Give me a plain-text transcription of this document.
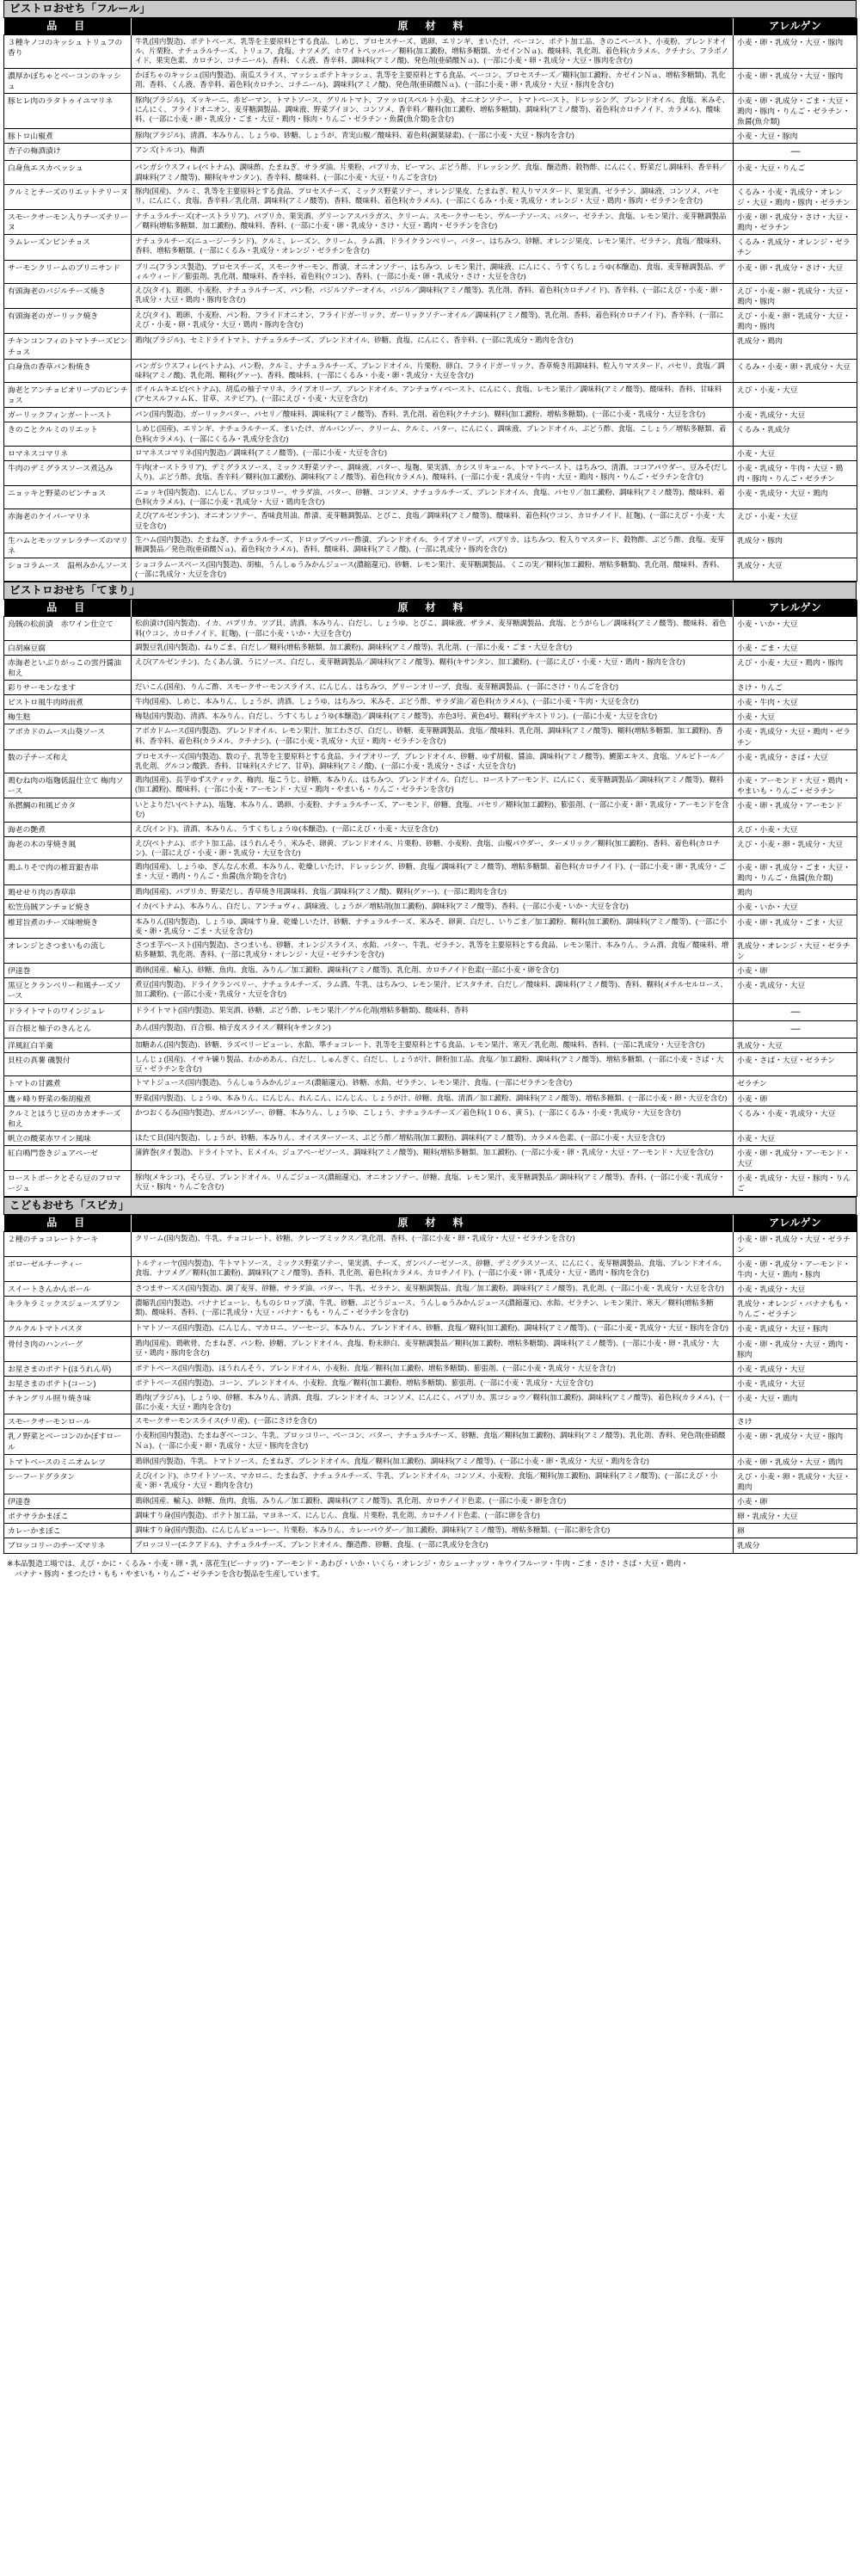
ビストロおせち「フルール」
品　目	原　材　料	アレルゲン
３種キノコのキッシュ トリュフの香り	牛乳(国内製造)、ポテトベース、乳等を主要原料とする食品、しめじ、プロセスチーズ、鶏卵、エリンギ、まいたけ、ベーコン、ポテト加工品、きのこペースト、小麦粉、ブレンドオイル、片栗粉、ナチュラルチーズ、トリュフ、食塩、ナツメグ、ホワイトペッパー／糊料(加工澱粉、増粘多糖類、カゼインＮａ)、酸味料、乳化剤、着色料(カラメル、クチナシ、フラボノイド、果実色素、カロチン、コチニール)、香料、くん液、香辛料、調味料(アミノ酸)、発色剤(亜硝酸Ｎａ)、(一部に小麦・卵・乳成分・大豆・豚肉を含む)	小麦・卵・乳成分・大豆・豚肉
濃厚かぼちゃとベーコンのキッシュ	かぼちゃのキッシュ(国内製造)、南瓜スライス、マッシュポテトキッシュ、乳等を主要原料とする食品、ベーコン、プロセスチーズ／糊料(加工澱粉、カゼインＮａ、増粘多糖類)、乳化剤、香料、くん液、香辛料、着色料(カロチン、コチニール)、調味料(アミノ酸)、発色剤(亜硝酸Ｎａ)、(一部に小麦・卵・乳成分・大豆・豚肉を含む)	小麦・卵・乳成分・大豆・豚肉
豚ヒレ肉のラタトゥイユマリネ	豚肉(ブラジル)、ズッキーニ、赤ピーマン、トマトソース、グリルトマト、ファッロ(スペルト小麦)、オニオンソテー、トマトペースト、ドレッシング、ブレンドオイル、食塩、米みそ、にんにく、フライドオニオン、麦芽糖調製品、調味液、野菜ブイヨン、コンソメ、香辛料／糊料(加工澱粉、増粘多糖類)、調味料(アミノ酸等)、着色料(カロチノイド、カラメル)、酸味料、(一部に小麦・卵・乳成分・ごま・大豆・鶏肉・豚肉・りんご・ゼラチン・魚醤(魚介類)を含む)	小麦・卵・乳成分・ごま・大豆・鶏肉・豚肉・りんご・ゼラチン・魚醤(魚介類)
豚トロ山椒煮	豚肉(ブラジル)、清酒、本みりん、しょうゆ、砂糖、しょうが、青実山椒／酸味料、着色料(銅葉緑素)、(一部に小麦・大豆・豚肉を含む)	小麦・大豆・豚肉
杏子の梅酒漬け	アンズ(トルコ)、梅酒	―
白身魚エスカベッシュ	パンガシウスフィレ(ベトナム)、調味酢、たまねぎ、サラダ油、片栗粉、パプリカ、ピーマン、ぶどう酢、ドレッシング、食塩、醸造酢、穀物酢、にんにく、野菜だし調味料、香辛料／調味料(アミノ酸等)、糊料(キサンタン)、香辛料、酸味料、(一部に小麦・大豆・りんごを含む)	小麦・大豆・りんご
クルミとチーズのリエットテリーヌ	豚肉(国産)、クルミ、乳等を主要原料とする食品、プロセスチーズ、ミックス野菜ソテー、オレンジ果皮、たまねぎ、粒入りマスタード、果実酒、ゼラチン、調味液、コンソメ、パセリ、にんにく、食塩、香辛料／乳化剤、調味料(アミノ酸等)、香料、酸味料、着色料(カラメル)、(一部にくるみ・小麦・乳成分・オレンジ・大豆・鶏肉・豚肉・ゼラチンを含む)	くるみ・小麦・乳成分・オレンジ・大豆・鶏肉・豚肉・ゼラチン
スモークサーモン入りチーズテリーヌ	ナチュラルチーズ(オーストラリア)、パプリカ、果実酒、グリーンアスパラガス、クリーム、スモークサーモン、ヴルーテソース、バター、ゼラチン、食塩、レモン果汁、麦芽糖調製品／糊料(増粘多糖類、加工澱粉)、酸味料、香料、(一部に小麦・卵・乳成分・さけ・大豆・鶏肉・ゼラチンを含む)	小麦・卵・乳成分・さけ・大豆・鶏肉・ゼラチン
ラムレーズンピンチョス	ナチュラルチーズ(ニュージーランド)、クルミ、レーズン、クリーム、ラム酒、ドライクランベリー、バター、はちみつ、砂糖、オレンジ果皮、レモン果汁、ゼラチン、食塩／酸味料、香料、増粘多糖類、(一部にくるみ・乳成分・オレンジ・ゼラチンを含む)	くるみ・乳成分・オレンジ・ゼラチン
サーモンクリームのブリニサンド	ブリニ(フランス製造)、プロセスチーズ、スモークサーモン、酢漬、オニオンソテー、はちみつ、レモン果汁、調味液、にんにく、うすくちしょうゆ(本醸造)、食塩、麦芽糖調製品、ディルウィード／膨張剤、乳化剤、酸味料、香辛料、着色料(ウコン)、香料、(一部に小麦・卵・乳成分・さけ・大豆を含む)	小麦・卵・乳成分・さけ・大豆
有頭海老のバジルチーズ焼き	えび(タイ)、鶏卵、小麦粉、ナチュラルチーズ、パン粉、バジルソテーオイル、バジル／調味料(アミノ酸等)、乳化剤、香料、着色料(カロチノイド)、香辛料、(一部にえび・小麦・卵・乳成分・大豆・鶏肉・豚肉を含む)	えび・小麦・卵・乳成分・大豆・鶏肉・豚肉
有頭海老のガーリック焼き	えび(タイ)、鶏卵、小麦粉、パン粉、フライドオニオン、フライドガーリック、ガーリックソテーオイル／調味料(アミノ酸等)、乳化剤、香料、着色料(カロチノイド)、香辛料、(一部にえび・小麦・卵・乳成分・大豆・鶏肉・豚肉を含む)	えび・小麦・卵・乳成分・大豆・鶏肉・豚肉
チキンコンフィのトマトチーズピンチョス	鶏肉(ブラジル)、セミドライトマト、ナチュラルチーズ、ブレンドオイル、砂糖、食塩、にんにく、香辛料、(一部に乳成分・鶏肉を含む)	乳成分・鶏肉
白身魚の香草パン粉焼き	パンガシウスフィレ(ベトナム)、パン粉、クルミ、ナチュラルチーズ、ブレンドオイル、片栗粉、卵白、フライドガーリック、香草焼き用調味料、粒入りマスタード、パセリ、食塩／調味料(アミノ酸)、乳化剤、糊料(グァー)、香料、酸味料、(一部にくるみ・小麦・卵・乳成分・大豆を含む)	くるみ・小麦・卵・乳成分・大豆
海老とアンチョビオリーブのピンチョス	ボイルムキエビ(ベトナム)、胡瓜の柚子マリネ、ライプオリーブ、ブレンドオイル、アンチョヴィペースト、にんにく、食塩、レモン果汁／調味料(アミノ酸等)、酸味料、香料、甘味料(アセスルファムＫ、甘草、ステビア)、(一部にえび・小麦・大豆を含む)	えび・小麦・大豆
ガーリックフィンガートースト	パン(国内製造)、ガーリックバター、パセリ／酸味料、調味料(アミノ酸等)、香料、乳化剤、着色料(クチナシ)、糊料(加工澱粉、増粘多糖類)、(一部に小麦・乳成分・大豆を含む)	小麦・乳成分・大豆
きのことクルミのリエット	しめじ(国産)、エリンギ、ナチュラルチーズ、まいたけ、ガルバンゾー、クリーム、クルミ、バター、にんにく、調味液、ブレンドオイル、ぶどう酢、食塩、こしょう／増粘多糖類、着色料(カラメル)、(一部にくるみ・乳成分を含む)	くるみ・乳成分
ロマネスコマリネ	ロマネスコマリネ(国内製造)／調味料(アミノ酸等)、(一部に小麦・大豆を含む)	小麦・大豆
牛肉のデミグラスソース煮込み	牛肉(オーストラリア)、デミグラスソース、ミックス野菜ソテー、調味液、バター、塩麹、果実酒、カシスリキュール、トマトペースト、はちみつ、清酒、ココアパウダー、豆みそ(だし入り)、ぶどう酢、食塩、香辛料／糊料(加工澱粉)、調味料(アミノ酸等)、着色料(カラメル)、酸味料、(一部に小麦・乳成分・牛肉・大豆・鶏肉・豚肉・りんご・ゼラチンを含む)	小麦・乳成分・牛肉・大豆・鶏肉・豚肉・りんご・ゼラチン
ニョッキと野菜のピンチョス	ニョッキ(国内製造)、にんじん、ブロッコリー、サラダ油、バター、砂糖、コンソメ、ナチュラルチーズ、ブレンドオイル、食塩、パセリ／加工澱粉、調味料(アミノ酸等)、酸味料、着色料(カラメル)、(一部に小麦・乳成分・大豆・鶏肉を含む)	小麦・乳成分・大豆・鶏肉
赤海老のケイパーマリネ	えび(アルゼンチン)、オニオンソテー、香味食用油、酢漬、麦芽糖調製品、とびこ、食塩／調味料(アミノ酸等)、酸味料、着色料(ウコン、カロチノイド、紅麹)、(一部にえび・小麦・大豆を含む)	えび・小麦・大豆
生ハムとモッツァレラチーズのマリネ	生ハム(国内製造)、たまねぎ、ナチュラルチーズ、ドロップペッパー酢漬、ブレンドオイル、ライプオリーブ、パプリカ、はちみつ、粒入りマスタード、穀物酢、ぶどう酢、食塩、麦芽糖調製品／発色剤(亜硝酸Ｎａ)、着色料(カラメル)、香料、酸味料、調味料(アミノ酸)、(一部に乳成分・豚肉を含む)	乳成分・豚肉
ショコラムース　温州みかんソース	ショコラムースベース(国内製造)、胡柚、うんしゅうみかんジュース(濃縮還元)、砂糖、レモン果汁、麦芽糖調製品、くこの実／糊料(加工澱粉、増粘多糖類)、乳化剤、酸味料、香料、(一部に乳成分・大豆を含む)	乳成分・大豆
ビストロおせち「てまり」
品　目	原　材　料	アレルゲン
烏賊の松前漬　赤ワイン仕立て	松前漬け(国内製造)、イカ、パプリカ、ツブ貝、清酒、本みりん、白だし、しょうゆ、とびこ、調味液、ザラメ、麦芽糖調製品、食塩、とうがらし／調味料(アミノ酸等)、酸味料、着色料(ウコン、カロチノイド、紅麹)、(一部に小麦・いか・大豆を含む)	小麦・いか・大豆
白胡麻豆腐	調製豆乳(国内製造)、ねりごま、白だし／糊料(増粘多糖類、加工澱粉)、調味料(アミノ酸等)、乳化剤、(一部に小麦・ごま・大豆を含む)	小麦・ごま・大豆
赤海老といぶりがっこの雲丹醤油和え	えび(アルゼンチン)、たくあん漬、うにソース、白だし、麦芽糖調製品／調味料(アミノ酸等)、糊料(キサンタン、加工澱粉)、(一部にえび・小麦・大豆・鶏肉・豚肉を含む)	えび・小麦・大豆・鶏肉・豚肉
彩りサーモンなます	だいこん(国産)、りんご酢、スモークサーモンスライス、にんじん、はちみつ、グリーンオリーブ、食塩、麦芽糖調製品、(一部にさけ・りんごを含む)	さけ・りんご
ビストロ風牛肉時雨煮	牛肉(国産)、しめじ、本みりん、しょうが、清酒、しょうゆ、はちみつ、米みそ、ぶどう酢、サラダ油／着色料(カラメル)、(一部に小麦・牛肉・大豆を含む)	小麦・牛肉・大豆
梅生麩	梅麸(国内製造)、清酒、本みりん、白だし、うすくちしょうゆ(本醸造)／調味料(アミノ酸等)、赤色3号、黄色4号、糊料(デキストリン)、(一部に小麦・大豆を含む)	小麦・大豆
アボカドのムース山葵ソース	アボカドムース(国内製造)、ブレンドオイル、レモン果汁、加工わさび、白だし、砂糖、麦芽糖調製品、食塩／酸味料、乳化剤、調味料(アミノ酸等)、糊料(増粘多糖類、加工澱粉)、香料、香辛料、着色料(カラメル、クチナシ)、(一部に小麦・乳成分・大豆・鶏肉・ゼラチンを含む)	小麦・乳成分・大豆・鶏肉・ゼラチン
数の子チーズ和え	プロセスチーズ(国内製造)、数の子、乳等を主要原料とする食品、ライプオリーブ、ブレンドオイル、砂糖、ゆず胡椒、醤油、調味料(アミノ酸等)、鰹節エキス、食塩、ソルビトール／乳化剤、グルコン酸鉄、香料、甘味料(ステビア、甘草)、調味料(アミノ酸)、(一部に小麦・乳成分・さば・大豆を含む)	小麦・乳成分・さば・大豆
鶏むね肉の塩麹低温仕立て 梅肉ソース	鶏肉(国産)、長芋ゆずスティック、梅肉、塩こうじ、砂糖、本みりん、はちみつ、ブレンドオイル、白だし、ローストアーモンド、にんにく、麦芽糖調製品／調味料(アミノ酸等)、糊料(加工澱粉)、酸味料、(一部に小麦・アーモンド・大豆・鶏肉・やまいも・りんご・ゼラチンを含む)	小麦・アーモンド・大豆・鶏肉・やまいも・りんご・ゼラチン
糸撚鯛の和風ピカタ	いとよりだい(ベトナム)、塩麹、本みりん、鶏卵、小麦粉、ナチュラルチーズ、アーモンド、砂糖、食塩、パセリ／糊料(加工澱粉)、膨張剤、(一部に小麦・卵・乳成分・アーモンドを含む)	小麦・卵・乳成分・アーモンド
海老の艶煮	えび(インド)、清酒、本みりん、うすくちしょうゆ(本醸造)、(一部にえび・小麦・大豆を含む)	えび・小麦・大豆
海老の木の芽焼き風	えび(ベトナム)、ポテト加工品、ほうれんそう、米みそ、卵黄、ブレンドオイル、片栗粉、砂糖、小麦粉、食塩、山椒パウダー、ターメリック／糊料(加工澱粉)、香料、着色料(カロチン)、(一部にえび・小麦・卵・乳成分・大豆を含む)	えび・小麦・卵・乳成分・大豆
鶏ふりそで肉の椎茸銀杏串	鶏肉(国産)、しょうゆ、ぎんなん水煮、本みりん、乾燥しいたけ、ドレッシング、砂糖、食塩／調味料(アミノ酸等)、増粘多糖類、着色料(カロチノイド)、(一部に小麦・卵・乳成分・ごま・大豆・鶏肉・りんご・魚醤(魚介類)を含む)	小麦・卵・乳成分・ごま・大豆・鶏肉・りんご・魚醤(魚介類)
鶏せせり肉の香草串	鶏肉(国産)、パプリカ、野菜だし、香草焼き用調味料、食塩／調味料(アミノ酸)、糊料(グァー)、(一部に鶏肉を含む)	鶏肉
松笠烏賊アンチョビ焼き	イカ(ベトナム)、本みりん、白だし、アンチョヴィ、調味液、しょうが／増粘剤(加工澱粉)、調味料(アミノ酸等)、香料、(一部に小麦・いか・大豆を含む)	小麦・いか・大豆
椎茸旨煮のチーズ味噌焼き	本みりん(国内製造)、しょうゆ、調味すり身、乾燥しいたけ、砂糖、ナチュラルチーズ、米みそ、卵黄、白だし、いりごま／加工澱粉、糊料(加工澱粉)、調味料(アミノ酸等)、(一部に小麦・卵・乳成分・ごま・大豆を含む)	小麦・卵・乳成分・ごま・大豆
オレンジとさつまいもの流し	さつま芋ペースト(国内製造)、さつまいも、砂糖、オレンジスライス、水飴、バター、牛乳、ゼラチン、乳等を主要原料とする食品、レモン果汁、本みりん、ラム酒、食塩／酸味料、増粘多糖類、乳化剤、香料、(一部に乳成分・オレンジ・大豆・ゼラチンを含む)	乳成分・オレンジ・大豆・ゼラチン
伊達巻	鶏卵(国産、輸入)、砂糖、魚肉、食塩、みりん／加工澱粉、調味料(アミノ酸等)、乳化剤、カロチノイド色素(一部に小麦・卵を含む)	小麦・卵
黒豆とクランベリー和風チーズソース	煮豆(国内製造)、ドライクランベリー、ナチュラルチーズ、ラム酒、牛乳、はちみつ、レモン果汁、ピスタチオ、白だし／酸味料、調味料(アミノ酸等)、香料、糊料(メチルセルロース、加工澱粉)、(一部に小麦・乳成分・大豆を含む)	小麦・乳成分・大豆
ドライトマトのワインジュレ	ドライトマト(国内製造)、果実酒、砂糖、ぶどう酢、レモン果汁／ゲル化剤(増粘多糖類)、酸味料、香料	―
百合根と柚子のきんとん	あん(国内製造)、百合根、柚子皮スライス／糊料(キサンタン)	―
洋風紅白羊羹	加糖あん(国内製造)、砂糖、ラズベリーピューレ、水飴、準チョコレート、乳等を主要原料とする食品、レモン果汁、寒天／乳化剤、酸味料、香料、(一部に乳成分・大豆を含む)	乳成分・大豆
貝柱の真薯 磯製付	しんじょ(国産)、イサキ練り製品、わかめあん、白だし、しゅんぎく、白だし、しょうが汁、餅粉加工品、食塩／加工澱粉、調味料(アミノ酸等)、増粘多糖類、(一部に小麦・さば・大豆・ゼラチンを含む)	小麦・さば・大豆・ゼラチン
トマトの甘露煮	トマトジュース(国内製造)、うんしゅうみかんジュース(濃縮還元)、砂糖、水飴、ゼラチン、レモン果汁、食塩、(一部にゼラチンを含む)	ゼラチン
鷹ヶ峰り野菜の柴胡椒煮	野菜(国内製造)、しょうゆ、本みりん、にんじん、れんこん、にんじん、しょうが汁、砂糖、食塩、清酒／加工澱粉、調味料(アミノ酸等)、増粘多糖類、(一部に小麦・卵・大豆を含む)	小麦・卵
クルミとほうじ豆のカカオチーズ和え	かつおくるみ(国内製造)、ガルバンゾー、砂糖、本みりん、しょうゆ、こしょう、ナチュラルチーズ／着色料(１０６、黄５)、(一部にくるみ・小麦・乳成分・大豆を含む)	くるみ・小麦・乳成分・大豆
帆立の酸菜赤ワイン風味	ほたて貝(国内製造)、しょうが、砂糖、本みりん、オイスターソース、ぶどう酢／増粘剤(加工澱粉)、調味料(アミノ酸等)、カラメル色素、(一部に小麦・大豆を含む)	小麦・大豆
紅白鳴門巻きジュアペーゼ	蒲鉾巻(タイ製造)、ドライトマト、Ｅメイル、ジュアペーゼソース、調味料(アミノ酸等)、糊料(増粘多糖類、加工澱粉)、(一部に小麦・卵・乳成分・大豆・アーモンド・大豆を含む)	小麦・卵・乳成分・アーモンド・大豆
ローストポークとそら豆のフロマージュ	豚肉(メキシコ)、そら豆、ブレンドオイル、リんごジュース(濃縮還元)、オニオンソテー、砂糖、食塩、レモン果汁、麦芽糖調製品／調味料(アミノ酸等)、香料、(一部に小麦・乳成分・大豆・豚肉・りんごを含む)	小麦・乳成分・大豆・豚肉・りんご
こどもおせち「スピカ」
品　目	原　材　料	アレルゲン
２種のチョコレートケーキ	クリーム(国内製造)、牛乳、チョコレート、砂糖、クレープミックス／乳化剤、香料、(一部に小麦・卵・乳成分・大豆・ゼラチンを含む)	小麦・卵・乳成分・大豆・ゼラチン
ボローゼルチーティー	トルティーヤ(国内製造)、牛トマトソース、ミックス野菜ソテー、果実酒、チーズ、ガンバノーゼソース、砂糖、デミグラスソース、にんにく、麦芽糖調製品、食塩、ブレンドオイル、食塩、ナツメグ／糊料(加工澱粉)、調味料(アミノ酸等)、香料、乳化剤、着色料(カラメル、カロチノイド)、(一部に小麦・卵・乳成分・大豆・鶏肉・豚肉を含む)	小麦・卵・乳成分・アーモンド・牛肉・大豆・鶏肉・豚肉
スイートきんかんボール	さつまサーズス(国内製造)、調了麦芽、砂糖、サラダ油、バター、牛乳、ゼラチン、麦芽糖調製品、食塩／加工澱粉、調味料(アミノ酸等)、乳化剤、(一部に小麦・乳成分・大豆を含む)	小麦・乳成分・大豆
キラキラミックスジュースプリン	濃縮乳(国内製造)、バナナピューレ、もものシロップ漬、牛乳、砂糖、ぶどうジュース、うんしゅうみかんジュース(濃縮還元)、水飴、ゼラチン、レモン果汁、寒天／糊料(増粘多糖類)、酸味料、香料、(一部に乳成分・大豆・バナナ・もも・りんご・ゼラチンを含む)	乳成分・オレンジ・バナナもも・りんご・ゼラチン
クルクルトマトパスタ	トマトソース(国内製造)、にんじん、マカロニ、ソーセージ、本みりん、ブレンドオイル、砂糖、食塩／糊料(加工澱粉)、調味料(アミノ酸等)、(一部に小麦・乳成分・大豆・豚肉を含む)	小麦・乳成分・大豆・豚肉
骨付き肉のハンバーグ	鶏肉(国産)、鶏軟骨、たまねぎ、パン粉、砂糖、ブレンドオイル、食塩、粉末卵白、麦芽糖調製品／糊料(加工澱粉、増粘多糖類)、調味料(アミノ酸等)、(一部に小麦・卵・乳成分・大豆・鶏肉・豚肉を含む)	小麦・卵・乳成分・大豆・鶏肉・豚肉
お星さまのポテト(ほうれん草)	ポテトベース(国内製造)、ほうれんそう、ブレンドオイル、小麦粉、食塩／糊料(加工澱粉、増粘多糖類)、膨張剤、(一部に小麦・乳成分・大豆を含む)	小麦・乳成分・大豆
お星さまのポテト(コーン)	ポテトベース(国内製造)、コーン、ブレンドオイル、小麦粉、食塩／糊料(加工澱粉、増粘多糖類)、膨張剤、(一部に小麦・乳成分・大豆を含む)	小麦・乳成分・大豆
チキングリル照り焼き味	鶏肉(ブラジル)、しょうゆ、砂糖、本みりん、清酒、食塩、ブレンドオイル、コンソメ、にんにく、パプリカ、黒コショウ／糊料(加工澱粉)、調味料(アミノ酸等)、着色料(カラメル)、(一部に小麦・大豆・鶏肉を含む)	小麦・大豆・鶏肉
スモークサーモンロール	スモークサーモンスライス(チリ産)、(一部にさけを含む)	さけ
乳ノ野菜とベーコンのかぼすロール	小麦粉(国内製造)、たまねぎベーコン、牛乳、ブロッコリー、ベーコン、バター、ナチュラルチーズ、砂糖、食塩／糊料(加工澱粉)、調味料(アミノ酸等)、乳化剤、香料、発色剤(亜硝酸Ｎａ)、(一部に小麦・卵・乳成分・大豆・豚肉を含む)	小麦・卵・乳成分・大豆・豚肉
トマトベースのミニオムレツ	鶏卵(国内製造)、牛乳、トマトソース、たまねぎ、ブレンドオイル、食塩／糊料(加工澱粉)、調味料(アミノ酸等)、(一部に小麦・卵・乳成分・大豆・鶏肉を含む)	小麦・卵・乳成分・大豆・鶏肉
シーフードグラタン	えび(インド)、ホワイトソース、マカロニ、たまねぎ、ナチュラルチーズ、牛乳、ブレンドオイル、コンソメ、小麦粉、食塩／糊料(加工澱粉)、調味料(アミノ酸等)、(一部にえび・小麦・卵・乳成分・大豆・鶏肉を含む)	えび・小麦・卵・乳成分・大豆・鶏肉
伊達巻	鶏卵(国産、輸入)、砂糖、魚肉、食塩、みりん／加工澱粉、調味料(アミノ酸等)、乳化剤、カロチノイド色素、(一部に小麦・卵を含む)	小麦・卵
ポテサラかまぼこ	調味すり身(国内製造)、ポテト加工品、マヨネーズ、にんじん、食塩、片栗粉、乳化剤、カロチノイド色素、(一部に卵を含む)	卵・乳成分・大豆
カレーかまぼこ	調味すり身(国内製造)、にんじんピューレー、片栗粉、本みりん、カレーパウダー／加工澱粉、調味料(アミノ酸等)、増粘多糖類、(一部に卵を含む)	卵
ブロッコリーのチーズマリネ	ブロッコリー(エクアドル)、ナチュラルチーズ、ブレンドオイル、醸造酢、砂糖、食塩、(一部に乳成分を含む)	乳成分
※本品製造工場では、えび・かに・くるみ・小麦・卵・乳・落花生(ピーナッツ)・アーモンド・あわび・いか・いくら・オレンジ・カシューナッツ・キウイフルーツ・牛肉・ごま・さけ・さば・大豆・鶏肉・
バナナ・豚肉・まつたけ・もも・やまいも・りんご・ゼラチンを含む製品を生産しています。
